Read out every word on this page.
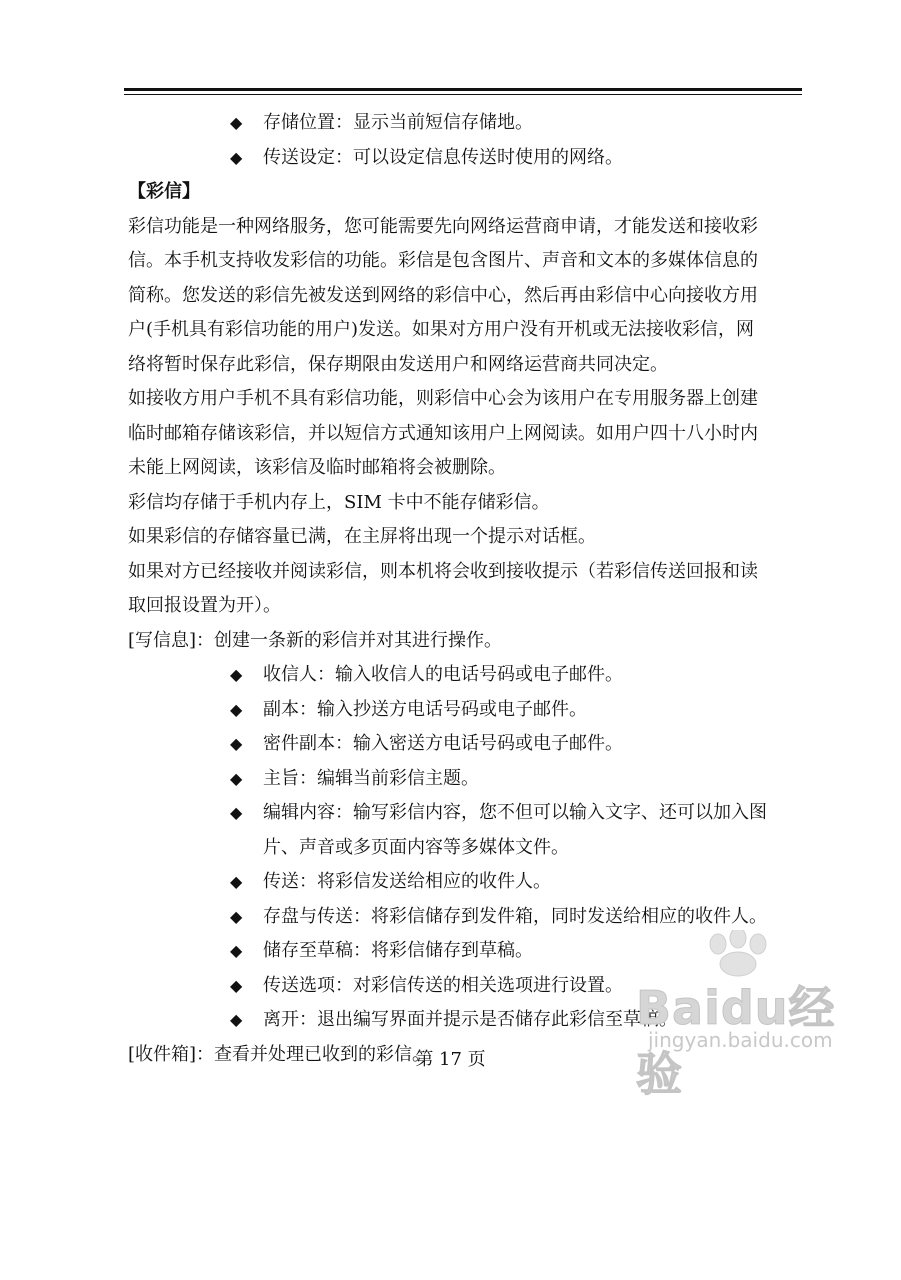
◆ 存储位置：显示当前短信存储地。
◆ 传送设定：可以设定信息传送时使用的网络。
【彩信】
彩信功能是一种网络服务，您可能需要先向网络运营商申请，才能发送和接收彩
信。本手机支持收发彩信的功能。彩信是包含图片、声音和文本的多媒体信息的
简称。您发送的彩信先被发送到网络的彩信中心，然后再由彩信中心向接收方用
户(手机具有彩信功能的用户)发送。如果对方用户没有开机或无法接收彩信，网
络将暂时保存此彩信，保存期限由发送用户和网络运营商共同决定。
如接收方用户手机不具有彩信功能，则彩信中心会为该用户在专用服务器上创建
临时邮箱存储该彩信，并以短信方式通知该用户上网阅读。如用户四十八小时内
未能上网阅读，该彩信及临时邮箱将会被删除。
彩信均存储于手机内存上，SIM 卡中不能存储彩信。
如果彩信的存储容量已满，在主屏将出现一个提示对话框。
如果对方已经接收并阅读彩信，则本机将会收到接收提示（若彩信传送回报和读
取回报设置为开）。
[写信息]：创建一条新的彩信并对其进行操作。
◆ 收信人：输入收信人的电话号码或电子邮件。
◆ 副本：输入抄送方电话号码或电子邮件。
◆ 密件副本：输入密送方电话号码或电子邮件。
◆ 主旨：编辑当前彩信主题。
◆ 编辑内容：输写彩信内容，您不但可以输入文字、还可以加入图
片、声音或多页面内容等多媒体文件。
◆ 传送：将彩信发送给相应的收件人。
◆ 存盘与传送：将彩信储存到发件箱，同时发送给相应的收件人。
◆ 储存至草稿：将彩信储存到草稿。
◆ 传送选项：对彩信传送的相关选项进行设置。
◆ 离开：退出编写界面并提示是否储存此彩信至草稿。
[收件箱]：查看并处理已收到的彩信。
第 17 页
Baidu经验
jingyan.baidu.com
